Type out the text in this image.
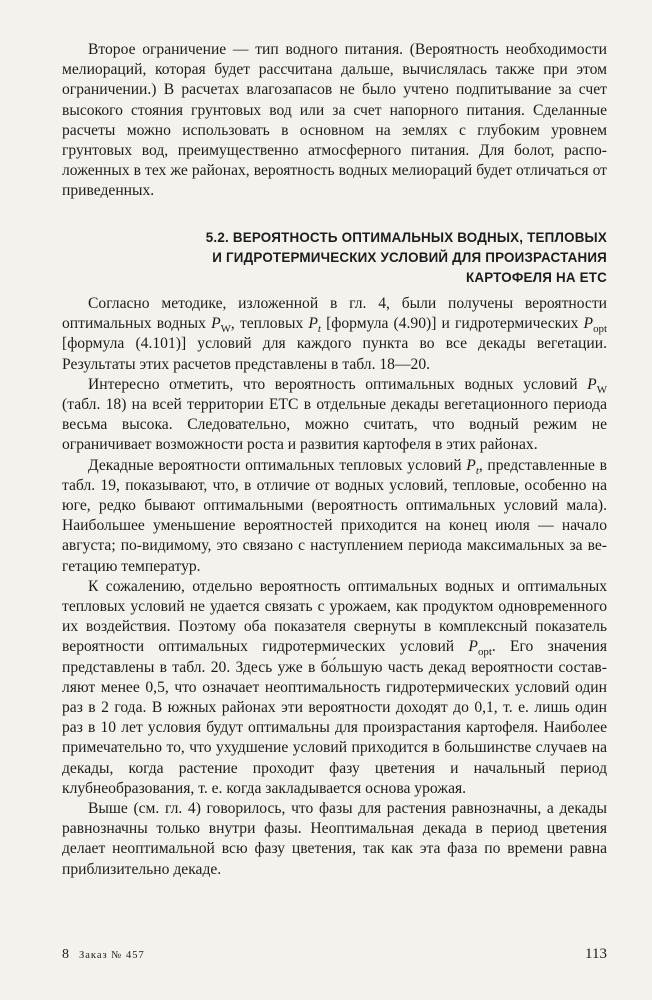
Второе ограничение — тип водного питания. (Вероятность необходимости мелиораций, которая будет рассчитана дальше, вычислялась также при этом ограничении.) В расчетах влагозапасов не было учтено подпитывание за счет высокого стояния грунтовых вод или за счет напорного питания. Сделанные расчеты можно использовать в основном на землях с глубоким уровнем грунтовых вод, преимущественно атмосферного питания. Для болот, расположенных в тех же районах, вероятность водных мелиораций будет отличаться от приведенных.

5.2. ВЕРОЯТНОСТЬ ОПТИМАЛЬНЫХ ВОДНЫХ, ТЕПЛОВЫХ
И ГИДРОТЕРМИЧЕСКИХ УСЛОВИЙ ДЛЯ ПРОИЗРАСТАНИЯ
КАРТОФЕЛЯ НА ЕТС

Согласно методике, изложенной в гл. 4, были получены вероятности оптимальных водных $P_W$, тепловых $P_t$ [формула (4.90)] и гидротермических $P_{opt}$ [формула (4.101)] условий для каждого пункта во все декады вегетации. Результаты этих расчетов представлены в табл. 18—20.

Интересно отметить, что вероятность оптимальных водных условий $P_W$ (табл. 18) на всей территории ЕТС в отдельные декады вегетационного периода весьма высока. Следовательно, можно считать, что водный режим не ограничивает возможности роста и развития картофеля в этих районах.

Декадные вероятности оптимальных тепловых условий $P_t$, представленные в табл. 19, показывают, что, в отличие от водных условий, тепловые, особенно на юге, редко бывают оптимальными (вероятность оптимальных условий мала). Наибольшее уменьшение вероятностей приходится на конец июля — начало августа; по-видимому, это связано с наступлением периода максимальных за вегетацию температур.

К сожалению, отдельно вероятность оптимальных водных и оптимальных тепловых условий не удается связать с урожаем, как продуктом одновременного их воздействия. Поэтому оба показателя свернуты в комплексный показатель вероятности оптимальных гидротермических условий $P_{opt}$. Его значения представлены в табл. 20. Здесь уже в бо́льшую часть декад вероятности составляют менее 0,5, что означает неоптимальность гидротермических условий один раз в 2 года. В южных районах эти вероятности доходят до 0,1, т. е. лишь один раз в 10 лет условия будут оптимальны для произрастания картофеля. Наиболее примечательно то, что ухудшение условий приходится в большинстве случаев на декады, когда растение проходит фазу цветения и начальный период клубнеобразования, т. е. когда закладывается основа урожая.

Выше (см. гл. 4) говорилось, что фазы для растения равнозначны, а декады равнозначны только внутри фазы. Неоптимальная декада в период цветения делает неоптимальной всю фазу цветения, так как эта фаза по времени равна приблизительно декаде.

8 Заказ № 457	113
